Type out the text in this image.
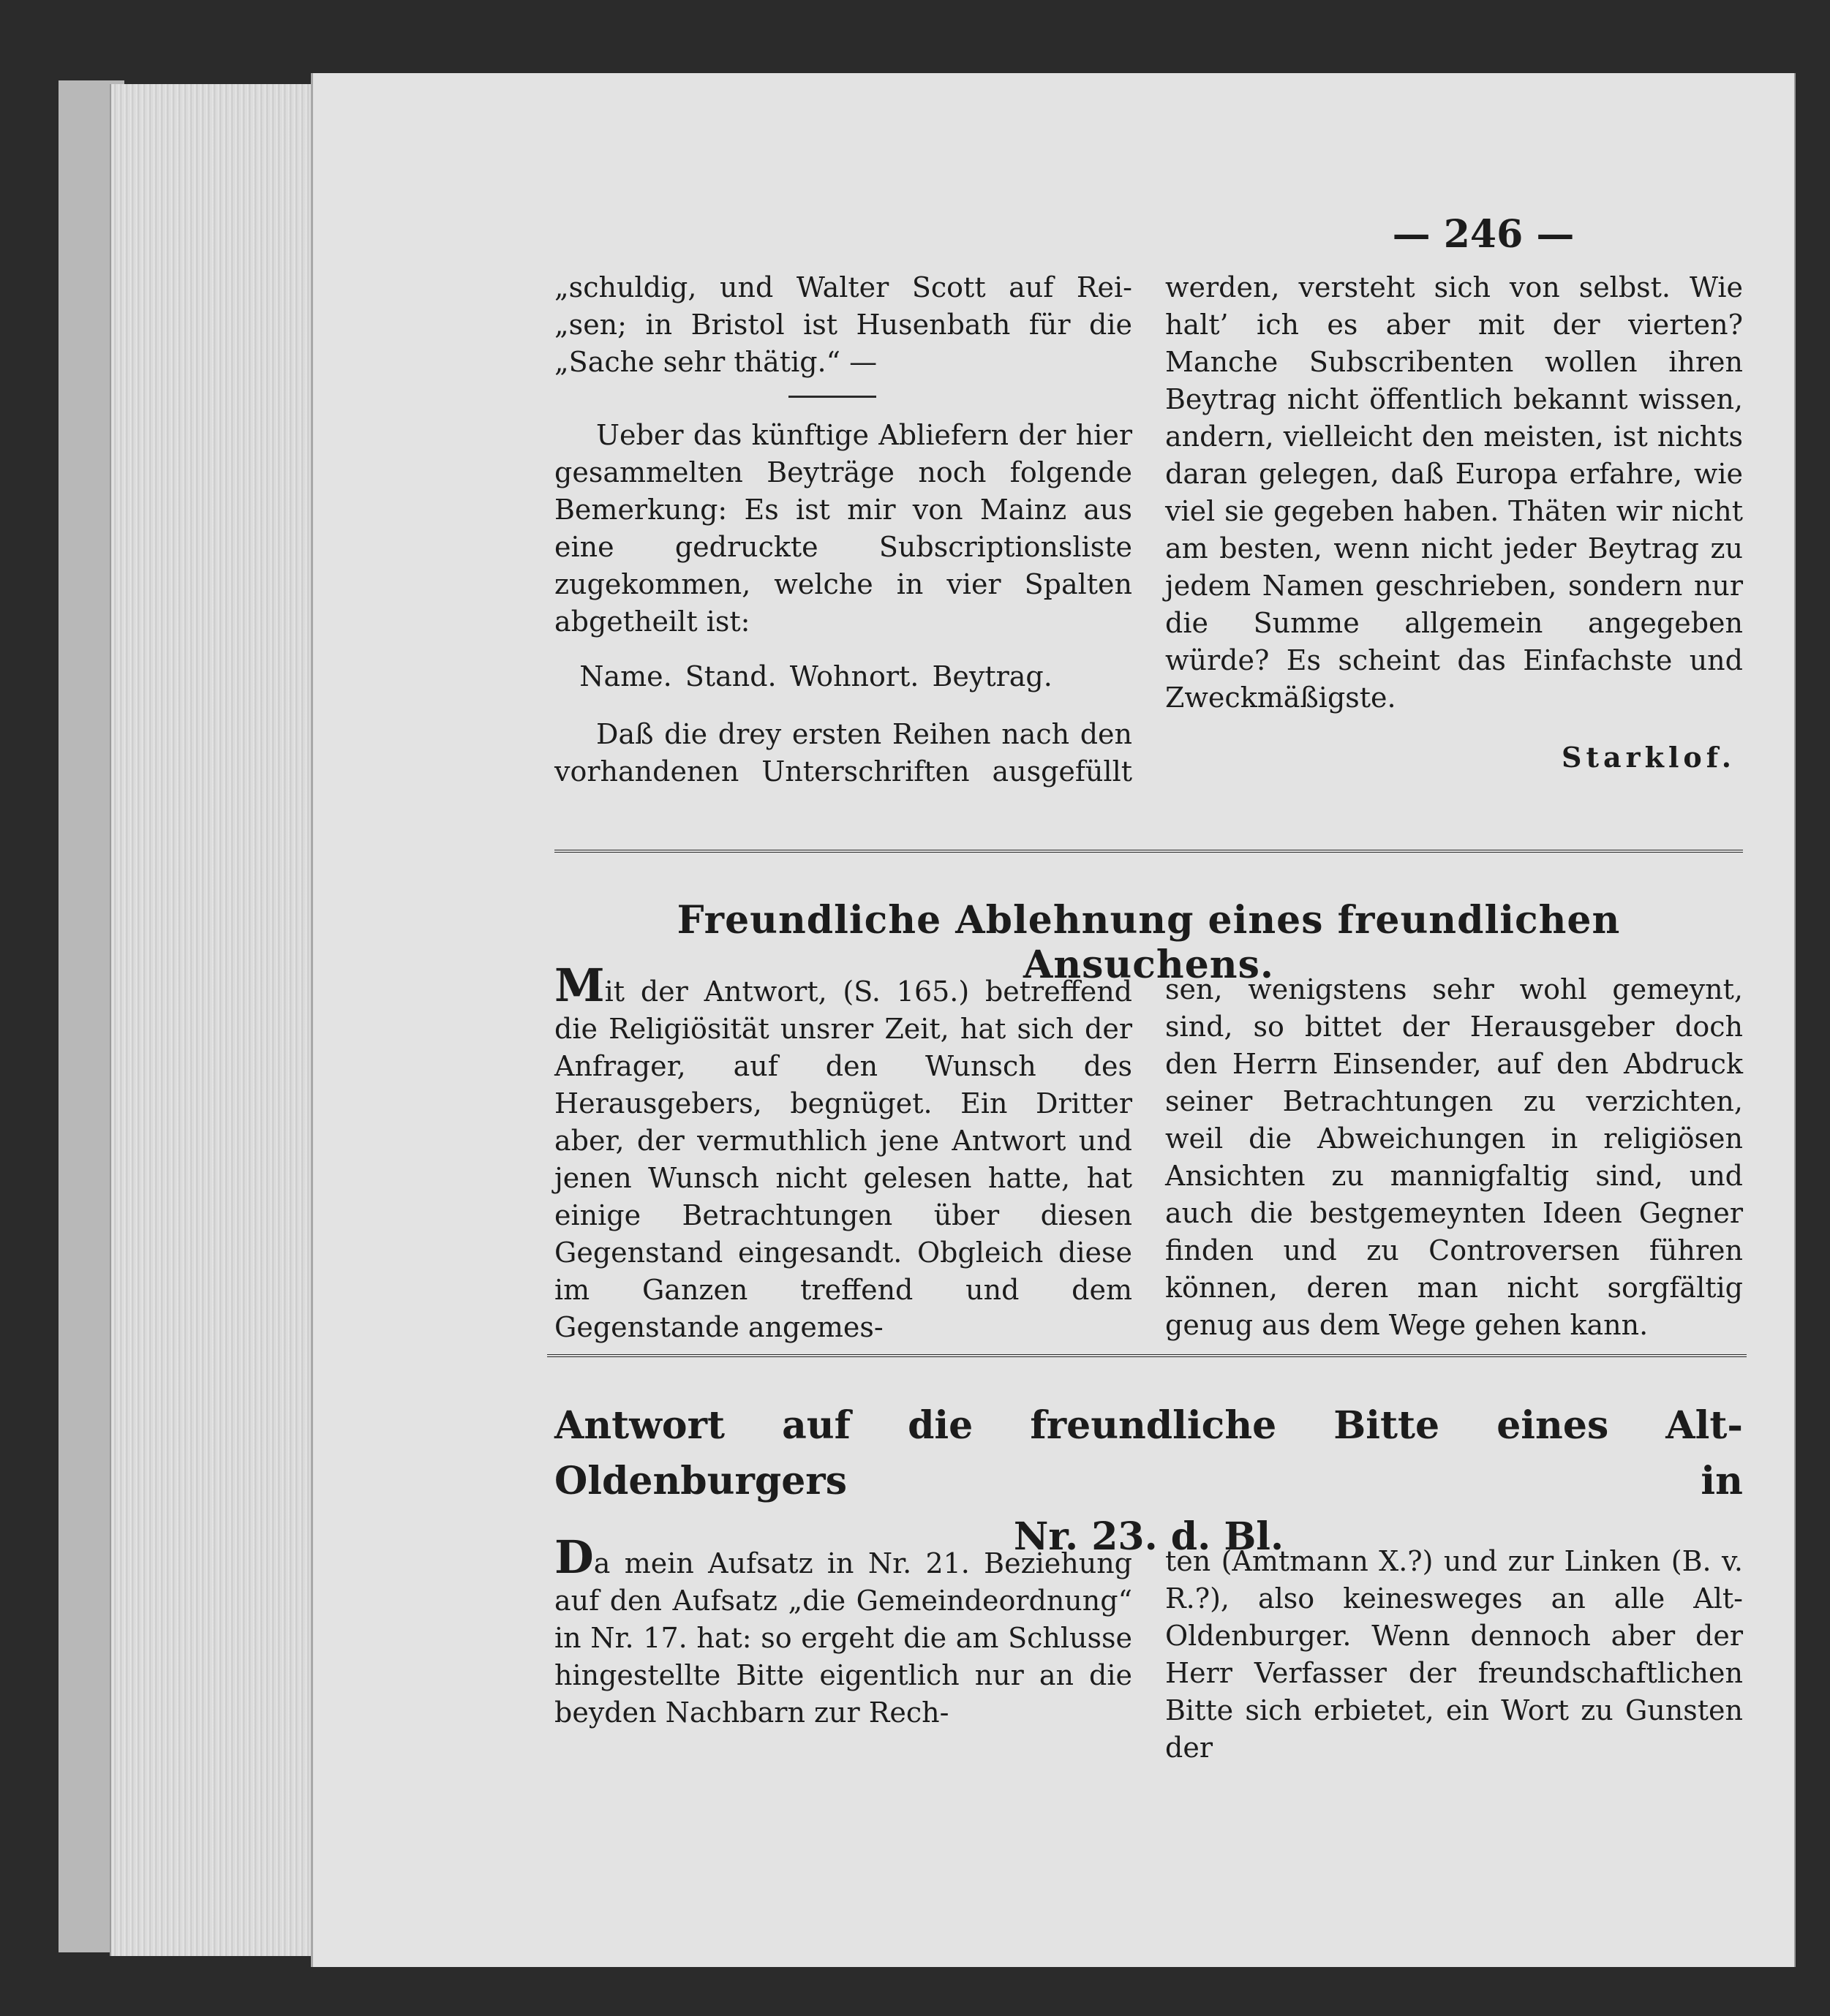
— 246 —

„schuldig, und Walter Scott auf Rei-

„sen; in Bristol ist Husenbath für die

„Sache sehr thätig.“ —

Ueber das künftige Abliefern der hier gesammelten Beyträge noch folgende Bemerkung: Es ist mir von Mainz aus eine gedruckte Subscriptionsliste zugekommen, welche in vier Spalten abgetheilt ist:

Name. Stand. Wohnort. Beytrag.

Daß die drey ersten Reihen nach den vorhandenen Unterschriften ausgefüllt

werden, versteht sich von selbst. Wie halt’ ich es aber mit der vierten? Manche Subscribenten wollen ihren Beytrag nicht öffentlich bekannt wissen, andern, vielleicht den meisten, ist nichts daran gelegen, daß Europa erfahre, wie viel sie gegeben haben. Thäten wir nicht am besten, wenn nicht jeder Beytrag zu jedem Namen geschrieben, sondern nur die Summe allgemein angegeben würde? Es scheint das Einfachste und Zweckmäßigste.

Starklof.

Freundliche Ablehnung eines freundlichen Ansuchens.

Mit der Antwort, (S. 165.) betreffend die Religiösität unsrer Zeit, hat sich der Anfrager, auf den Wunsch des Herausgebers, begnüget. Ein Dritter aber, der vermuthlich jene Antwort und jenen Wunsch nicht gelesen hatte, hat einige Betrachtungen über diesen Gegenstand eingesandt. Obgleich diese im Ganzen treffend und dem Gegenstande angemes-

sen, wenigstens sehr wohl gemeynt, sind, so bittet der Herausgeber doch den Herrn Einsender, auf den Abdruck seiner Betrachtungen zu verzichten, weil die Abweichungen in religiösen Ansichten zu mannigfaltig sind, und auch die bestgemeynten Ideen Gegner finden und zu Controversen führen können, deren man nicht sorgfältig genug aus dem Wege gehen kann.

Antwort auf die freundliche Bitte eines Alt-Oldenburgers in
Nr. 23. d. Bl.

Da mein Aufsatz in Nr. 21. Beziehung auf den Aufsatz „die Gemeindeordnung“ in Nr. 17. hat: so ergeht die am Schlusse hingestellte Bitte eigentlich nur an die beyden Nachbarn zur Rech-

ten (Amtmann X.?) und zur Linken (B. v. R.?), also keinesweges an alle Alt-Oldenburger. Wenn dennoch aber der Herr Verfasser der freundschaftlichen Bitte sich erbietet, ein Wort zu Gunsten der
